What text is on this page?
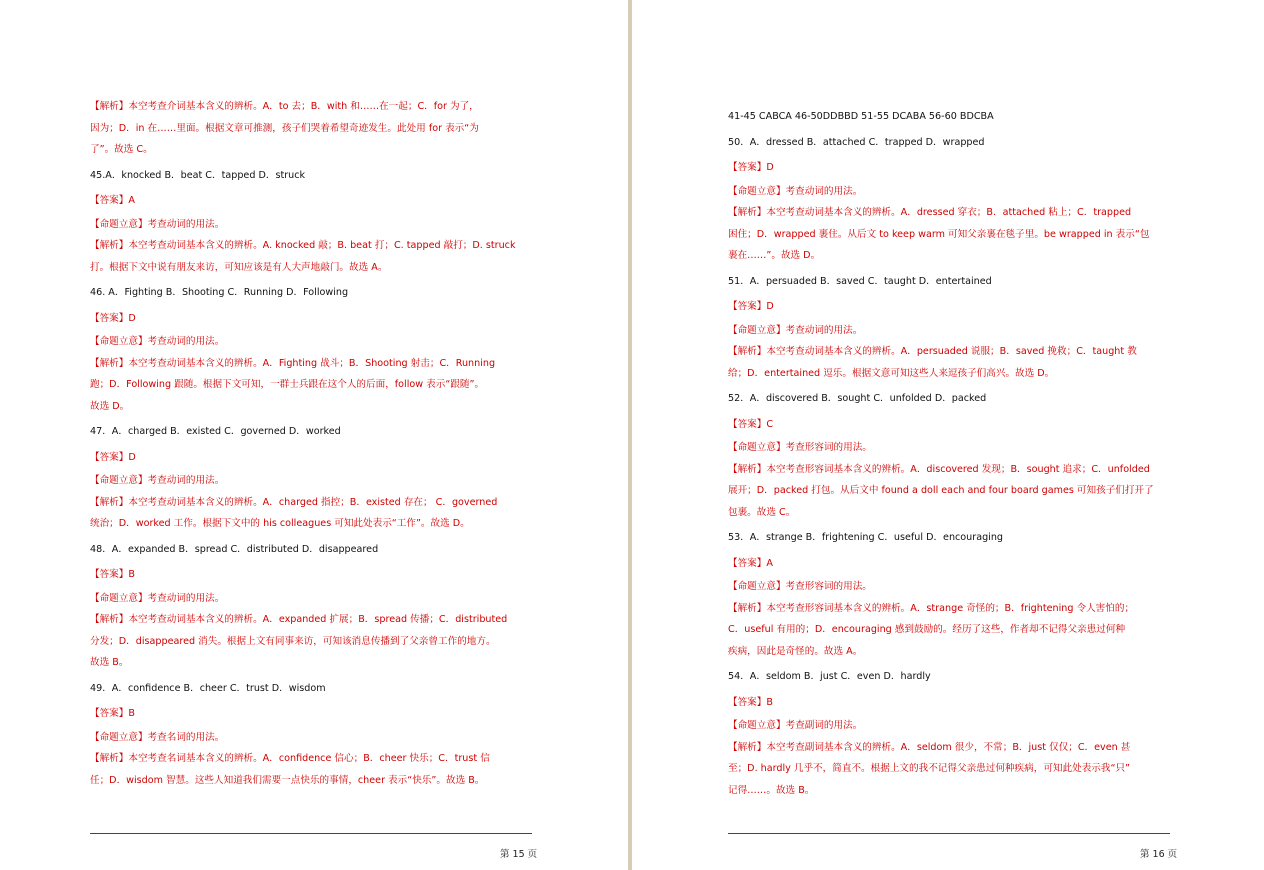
【解析】本空考查介词基本含义的辨析。A．to 去；B．with 和……在一起；C．for 为了，

因为；D．in 在……里面。根据文章可推测，孩子们哭着希望奇迹发生。此处用 for 表示“为

了”。故选 C。

45.A．knocked B．beat C．tapped D．struck

【答案】A

【命题立意】考查动词的用法。

【解析】本空考查动词基本含义的辨析。A. knocked 敲；B. beat 打；C. tapped 敲打；D. struck

打。根据下文中说有朋友来访，可知应该是有人大声地敲门。故选 A。

46. A．Fighting B．Shooting C．Running D．Following

【答案】D

【命题立意】考查动词的用法。

【解析】本空考查动词基本含义的辨析。A．Fighting 战斗；B．Shooting 射击；C．Running

跑；D．Following 跟随。根据下文可知，一群士兵跟在这个人的后面，follow 表示“跟随”。

故选 D。

47．A．charged B．existed C．governed D．worked

【答案】D

【命题立意】考查动词的用法。

【解析】本空考查动词基本含义的辨析。A．charged 指控；B．existed 存在； C．governed

统治；D．worked 工作。根据下文中的 his colleagues 可知此处表示“工作”。故选 D。

48．A．expanded B．spread C．distributed D．disappeared

【答案】B

【命题立意】考查动词的用法。

【解析】本空考查动词基本含义的辨析。A．expanded 扩展；B．spread 传播；C．distributed

分发；D．disappeared 消失。根据上文有同事来访，可知该消息传播到了父亲曾工作的地方。

故选 B。

49．A．confidence B．cheer C．trust D．wisdom

【答案】B

【命题立意】考查名词的用法。

【解析】本空考查名词基本含义的辨析。A．confidence 信心；B．cheer 快乐；C．trust 信

任；D．wisdom 智慧。这些人知道我们需要一点快乐的事情，cheer 表示“快乐”。故选 B。

第 15 页
41-45 CABCA 46-50DDBBD 51-55 DCABA 56-60 BDCBA
50．A．dressed B．attached C．trapped D．wrapped

【答案】D

【命题立意】考查动词的用法。

【解析】本空考查动词基本含义的辨析。A．dressed 穿衣；B．attached 粘上；C．trapped

困住；D．wrapped 裹住。从后文 to keep warm 可知父亲裹在毯子里。be wrapped in 表示“包

裹在……”。故选 D。

51．A．persuaded B．saved C．taught D．entertained

【答案】D

【命题立意】考查动词的用法。

【解析】本空考查动词基本含义的辨析。A．persuaded 说服；B．saved 挽救；C．taught 教

给；D．entertained 逗乐。根据文意可知这些人来逗孩子们高兴。故选 D。

52．A．discovered B．sought C．unfolded D．packed

【答案】C

【命题立意】考查形容词的用法。

【解析】本空考查形容词基本含义的辨析。A．discovered 发现；B．sought 追求；C．unfolded

展开；D．packed 打包。从后文中 found a doll each and four board games 可知孩子们打开了

包裹。故选 C。

53．A．strange B．frightening C．useful D．encouraging

【答案】A

【命题立意】考查形容词的用法。

【解析】本空考查形容词基本含义的辨析。A．strange 奇怪的；B．frightening 令人害怕的；

C．useful 有用的；D．encouraging 感到鼓励的。经历了这些，作者却不记得父亲患过何种

疾病，因此是奇怪的。故选 A。

54．A．seldom B．just C．even D．hardly

【答案】B

【命题立意】考查副词的用法。

【解析】本空考查副词基本含义的辨析。A．seldom 很少，不常；B．just 仅仅；C．even 甚

至；D. hardly 几乎不，简直不。根据上文的我不记得父亲患过何种疾病，可知此处表示我“只”

记得……。故选 B。

第 16 页
